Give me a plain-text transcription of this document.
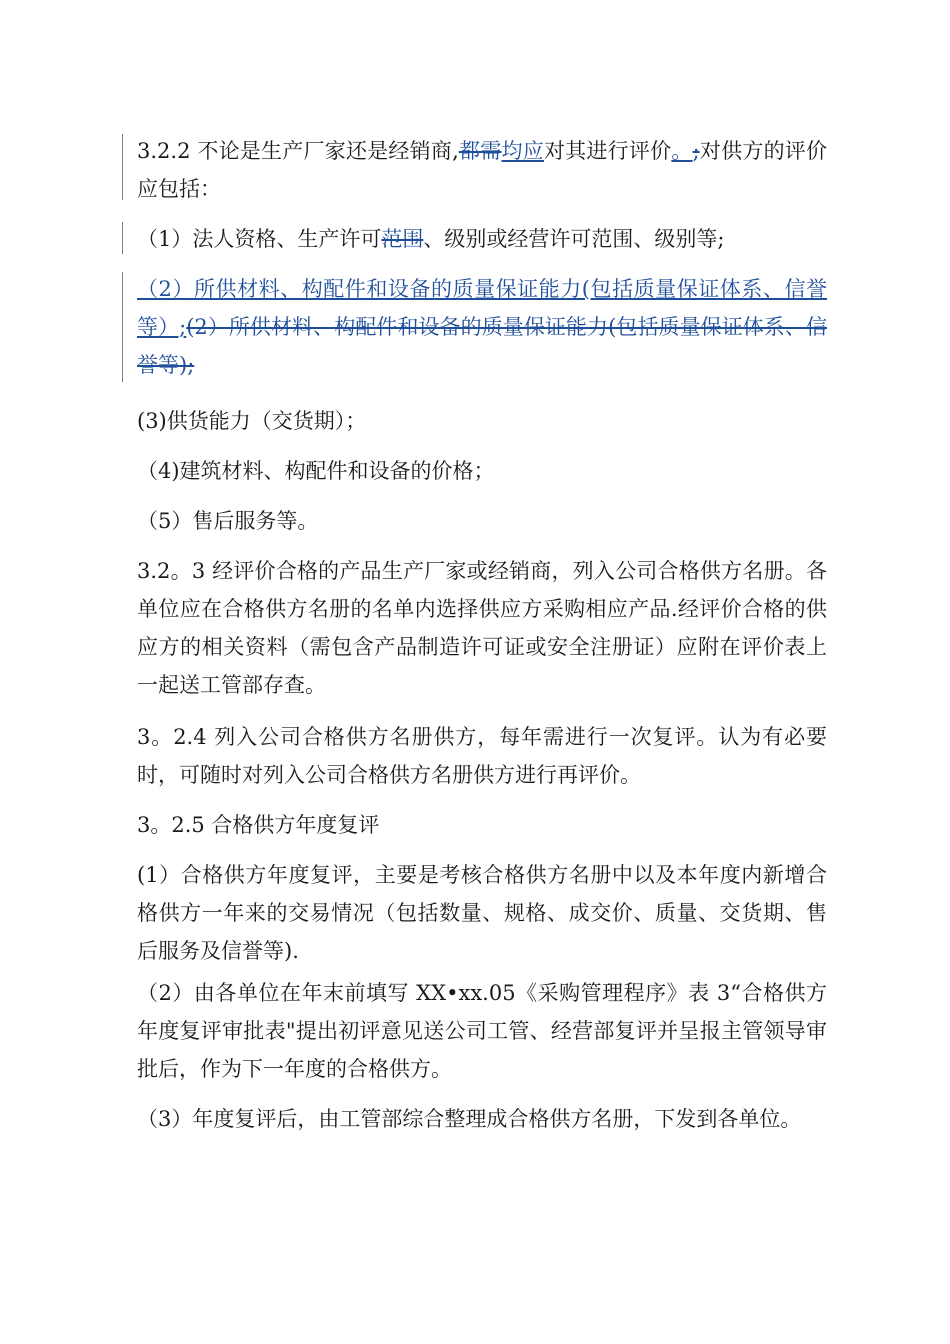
3.2.2 不论是生产厂家还是经销商,都需均应对其进行评价。;对供方的评价应包括：

（1）法人资格、生产许可范围、级别或经营许可范围、级别等;

（2）所供材料、构配件和设备的质量保证能力(包括质量保证体系、信誉等）;(2）所供材料、构配件和设备的质量保证能力(包括质量保证体系、信誉等);

(3)供货能力（交货期）；

（4)建筑材料、构配件和设备的价格；

（5）售后服务等。

3.2。3 经评价合格的产品生产厂家或经销商，列入公司合格供方名册。各单位应在合格供方名册的名单内选择供应方采购相应产品.经评价合格的供应方的相关资料（需包含产品制造许可证或安全注册证）应附在评价表上一起送工管部存查。

3。2.4 列入公司合格供方名册供方，每年需进行一次复评。认为有必要时，可随时对列入公司合格供方名册供方进行再评价。

3。2.5 合格供方年度复评

(1）合格供方年度复评，主要是考核合格供方名册中以及本年度内新增合格供方一年来的交易情况（包括数量、规格、成交价、质量、交货期、售后服务及信誉等).

（2）由各单位在年末前填写 XX•xx.05《采购管理程序》表 3“合格供方年度复评审批表"提出初评意见送公司工管、经营部复评并呈报主管领导审批后，作为下一年度的合格供方。

（3）年度复评后，由工管部综合整理成合格供方名册，下发到各单位。
